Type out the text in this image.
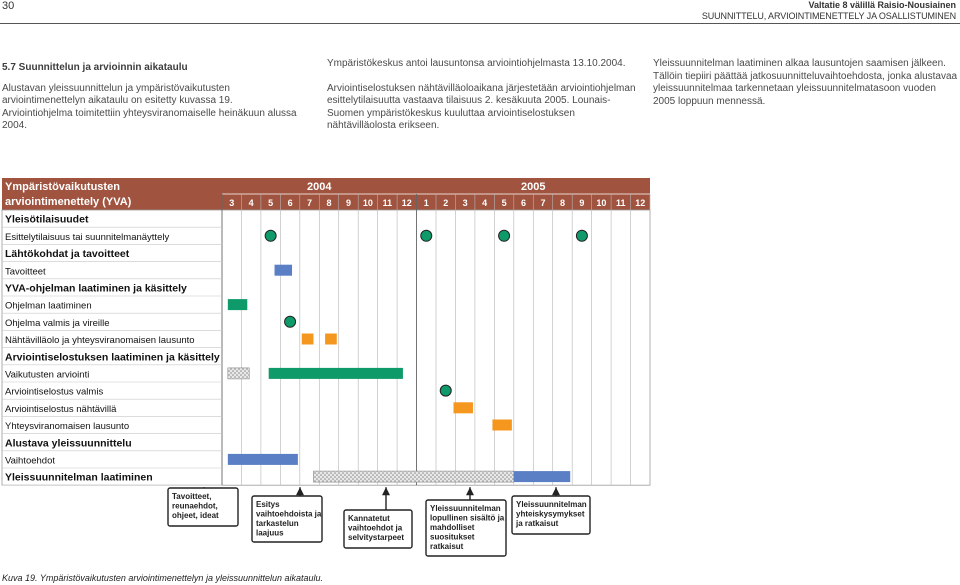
30	Valtatie 8 välillä Raisio-Nousiainen
SUUNNITTELU, ARVIOINTIMENETTELY JA OSALLISTUMINEN
5.7 Suunnittelun ja arvioinnin aikataulu

Alustavan yleissuunnittelun ja ympäristövaikutusten arviointimenettelyn aikataulu on esitetty kuvassa 19. Arviointiohjelma toimitettiin yhteysviranomaiselle heinäkuun alussa 2004.

Ympäristökeskus antoi lausuntonsa arviointiohjelmasta 13.10.2004.

Arviointiselostuksen nähtävilläoloaikana järjestetään arviointiohjelman esittelytilaisuutta vastaava tilaisuus 2. kesäkuuta 2005. Lounais-Suomen ympäristökeskus kuuluttaa arviointiselostuksen nähtävilläolosta erikseen.

Yleissuunnitelman laatiminen alkaa lausuntojen saamisen jälkeen. Tällöin tiepiiri päättää jatkosuunnitteluvaihtoehdosta, jonka alustavaa yleissuunnitelmaa tarkennetaan yleissuunnitelmatasoon vuoden 2005 loppuun mennessä.

Ympäristövaikutusten
arviointimenettely (YVA)
2004	2005
3 4 5 6 7 8 9 10 11 12 1 2 3 4 5 6 7 8 9 10 11 12
Yleisötilaisuudet
Esittelytilaisuus tai suunnitelmanäyttely
Lähtökohdat ja tavoitteet
Tavoitteet
YVA-ohjelman laatiminen ja käsittely
Ohjelman laatiminen
Ohjelma valmis ja vireille
Nähtävilläolo ja yhteysviranomaisen lausunto
Arviointiselostuksen laatiminen ja käsittely
Vaikutusten arviointi
Arviointiselostus valmis
Arviointiselostus nähtävillä
Yhteysviranomaisen lausunto
Alustava yleissuunnittelu
Vaihtoehdot
Yleissuunnitelman laatiminen
Tavoitteet,
reunaehdot,
ohjeet, ideat
Esitys
vaihtoehdoista ja
tarkastelun
laajuus
Kannatetut
vaihtoehdot ja
selvitystarpeet
Yleissuunnitelman
lopullinen sisältö ja
mahdolliset
suositukset
ratkaisut
Yleissuunnitelman
yhteiskysymykset
ja ratkaisut
Kuva 19. Ympäristövaikutusten arviointimenettelyn ja yleissuunnittelun aikataulu.
